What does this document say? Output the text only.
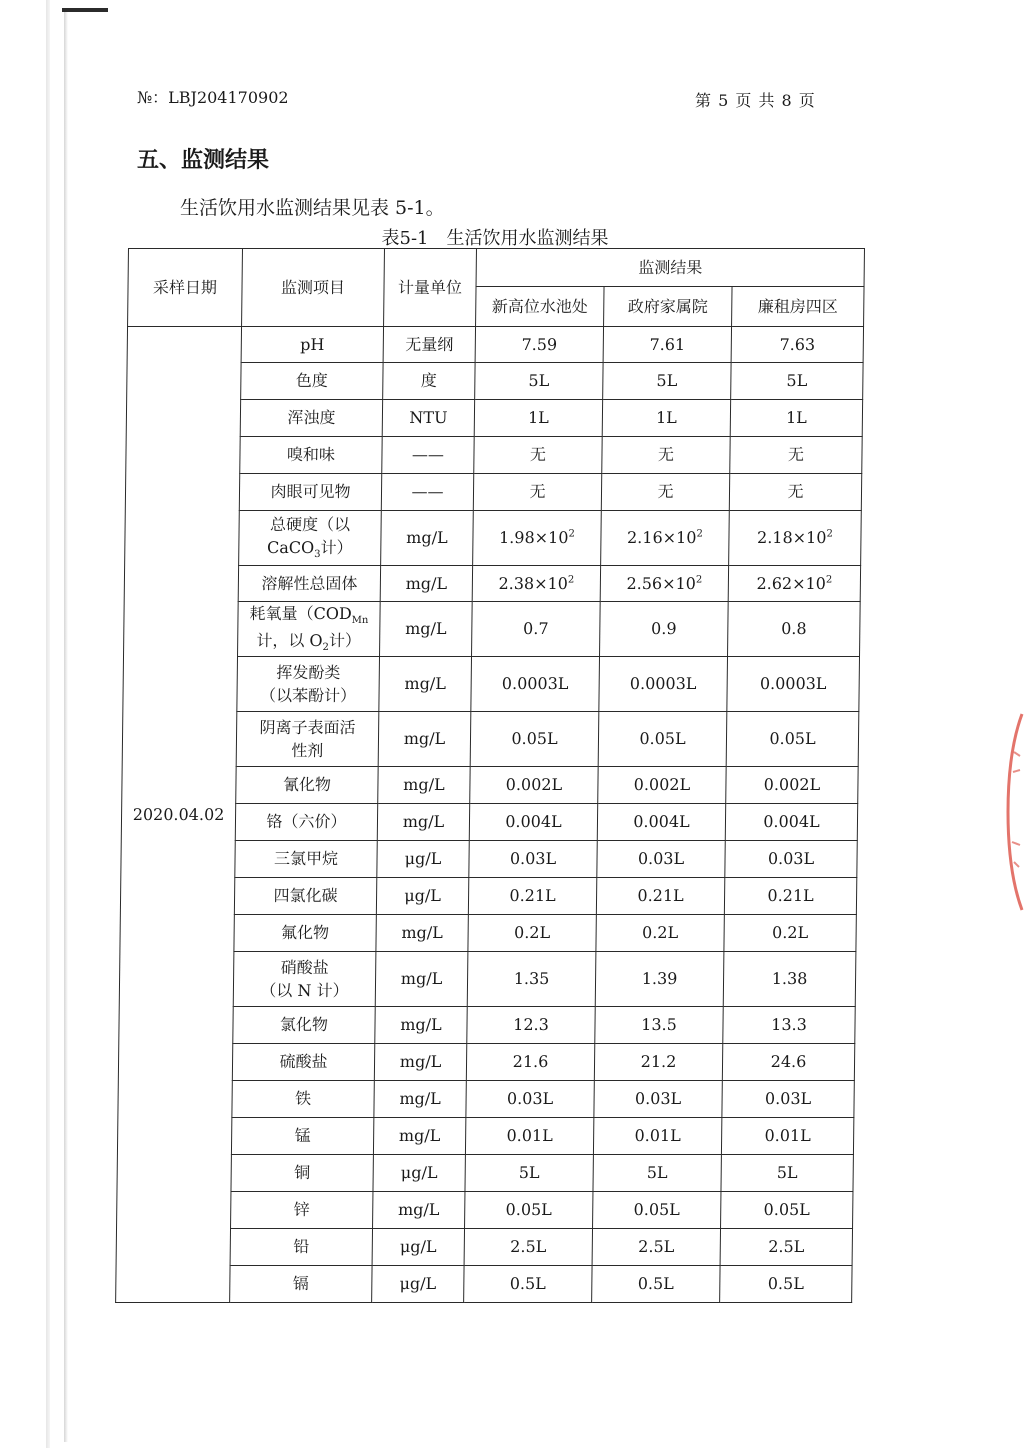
№：LBJ204170902	第 5 页 共 8 页
五、监测结果
生活饮用水监测结果见表 5-1。
表5-1　生活饮用水监测结果
采样日期	监测项目	计量单位	监测结果		
			新高位水池处	政府家属院	廉租房四区
2020.04.02	pH	无量纲	7.59	7.61	7.63
	色度	度	5L	5L	5L
	浑浊度	NTU	1L	1L	1L
	嗅和味	——	无	无	无
	肉眼可见物	——	无	无	无
	总硬度（以
CaCO$_3$计）	mg/L	$1.98\times 10^2$	$2.16\times 10^2$	$2.18\times 10^2$
	溶解性总固体	mg/L	$2.38\times 10^2$	$2.56\times 10^2$	$2.62\times 10^2$
	耗氧量（$COD_{Mn}$
计，以 $O_2$计）	mg/L	0.7	0.9	0.8
	挥发酚类
（以苯酚计）	mg/L	0.0003L	0.0003L	0.0003L
	阴离子表面活
性剂	mg/L	0.05L	0.05L	0.05L
	氰化物	mg/L	0.002L	0.002L	0.002L
	铬（六价）	mg/L	0.004L	0.004L	0.004L
	三氯甲烷	μg/L	0.03L	0.03L	0.03L
	四氯化碳	μg/L	0.21L	0.21L	0.21L
	氟化物	mg/L	0.2L	0.2L	0.2L
	硝酸盐
（以 N 计）	mg/L	1.35	1.39	1.38
	氯化物	mg/L	12.3	13.5	13.3
	硫酸盐	mg/L	21.6	21.2	24.6
	铁	mg/L	0.03L	0.03L	0.03L
	锰	mg/L	0.01L	0.01L	0.01L
	铜	μg/L	5L	5L	5L
	锌	mg/L	0.05L	0.05L	0.05L
	铅	μg/L	2.5L	2.5L	2.5L
	镉	μg/L	0.5L	0.5L	0.5L
